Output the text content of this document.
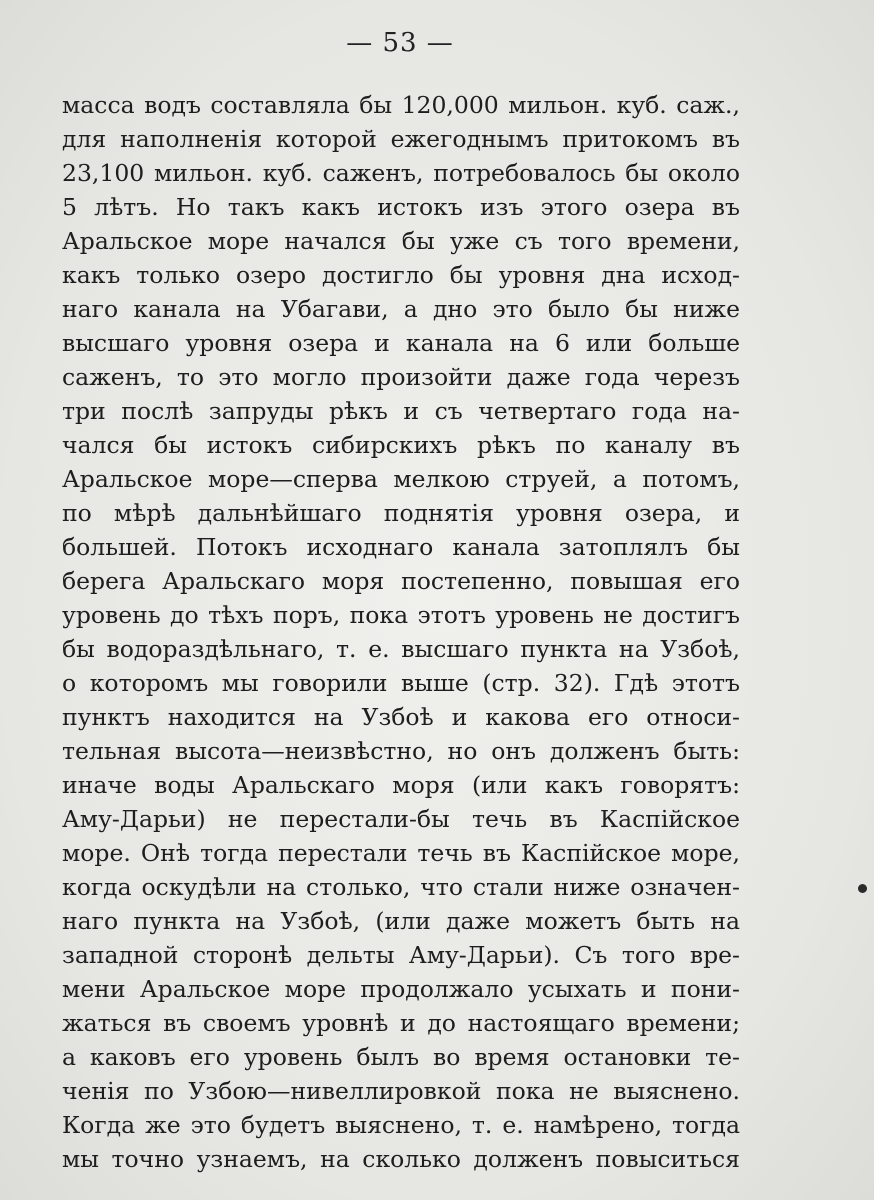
— 53 —
масса водъ составляла бы 120,000 мильон. куб. саж.,
для наполненія которой ежегоднымъ притокомъ въ
23,100 мильон. куб. саженъ, потребовалось бы около
5 лѣтъ. Но такъ какъ истокъ изъ этого озера въ
Аральское море начался бы уже съ того времени,
какъ только озеро достигло бы уровня дна исход-
наго канала на Убагави, а дно это было бы ниже
высшаго уровня озера и канала на 6 или больше
саженъ, то это могло произойти даже года черезъ
три послѣ запруды рѣкъ и съ четвертаго года на-
чался бы истокъ сибирскихъ рѣкъ по каналу въ
Аральское море—сперва мелкою струей, а потомъ,
по мѣрѣ дальнѣйшаго поднятія уровня озера, и
большей. Потокъ исходнаго канала затоплялъ бы
берега Аральскаго моря постепенно, повышая его
уровень до тѣхъ поръ, пока этотъ уровень не достигъ
бы водораздѣльнаго, т. е. высшаго пункта на Узбоѣ,
о которомъ мы говорили выше (стр. 32). Гдѣ этотъ
пунктъ находится на Узбоѣ и какова его относи-
тельная высота—неизвѣстно, но онъ долженъ быть:
иначе воды Аральскаго моря (или какъ говорятъ:
Аму-Дарьи) не перестали-бы течь въ Каспійское
море. Онѣ тогда перестали течь въ Каспійское море,
когда оскудѣли на столько, что стали ниже означен-
наго пункта на Узбоѣ, (или даже можетъ быть на
западной сторонѣ дельты Аму-Дарьи). Съ того вре-
мени Аральское море продолжало усыхать и пони-
жаться въ своемъ уровнѣ и до настоящаго времени;
а каковъ его уровень былъ во время остановки те-
ченія по Узбою—нивеллировкой пока не выяснено.
Когда же это будетъ выяснено, т. е. намѣрено, тогда
мы точно узнаемъ, на сколько долженъ повыситься
